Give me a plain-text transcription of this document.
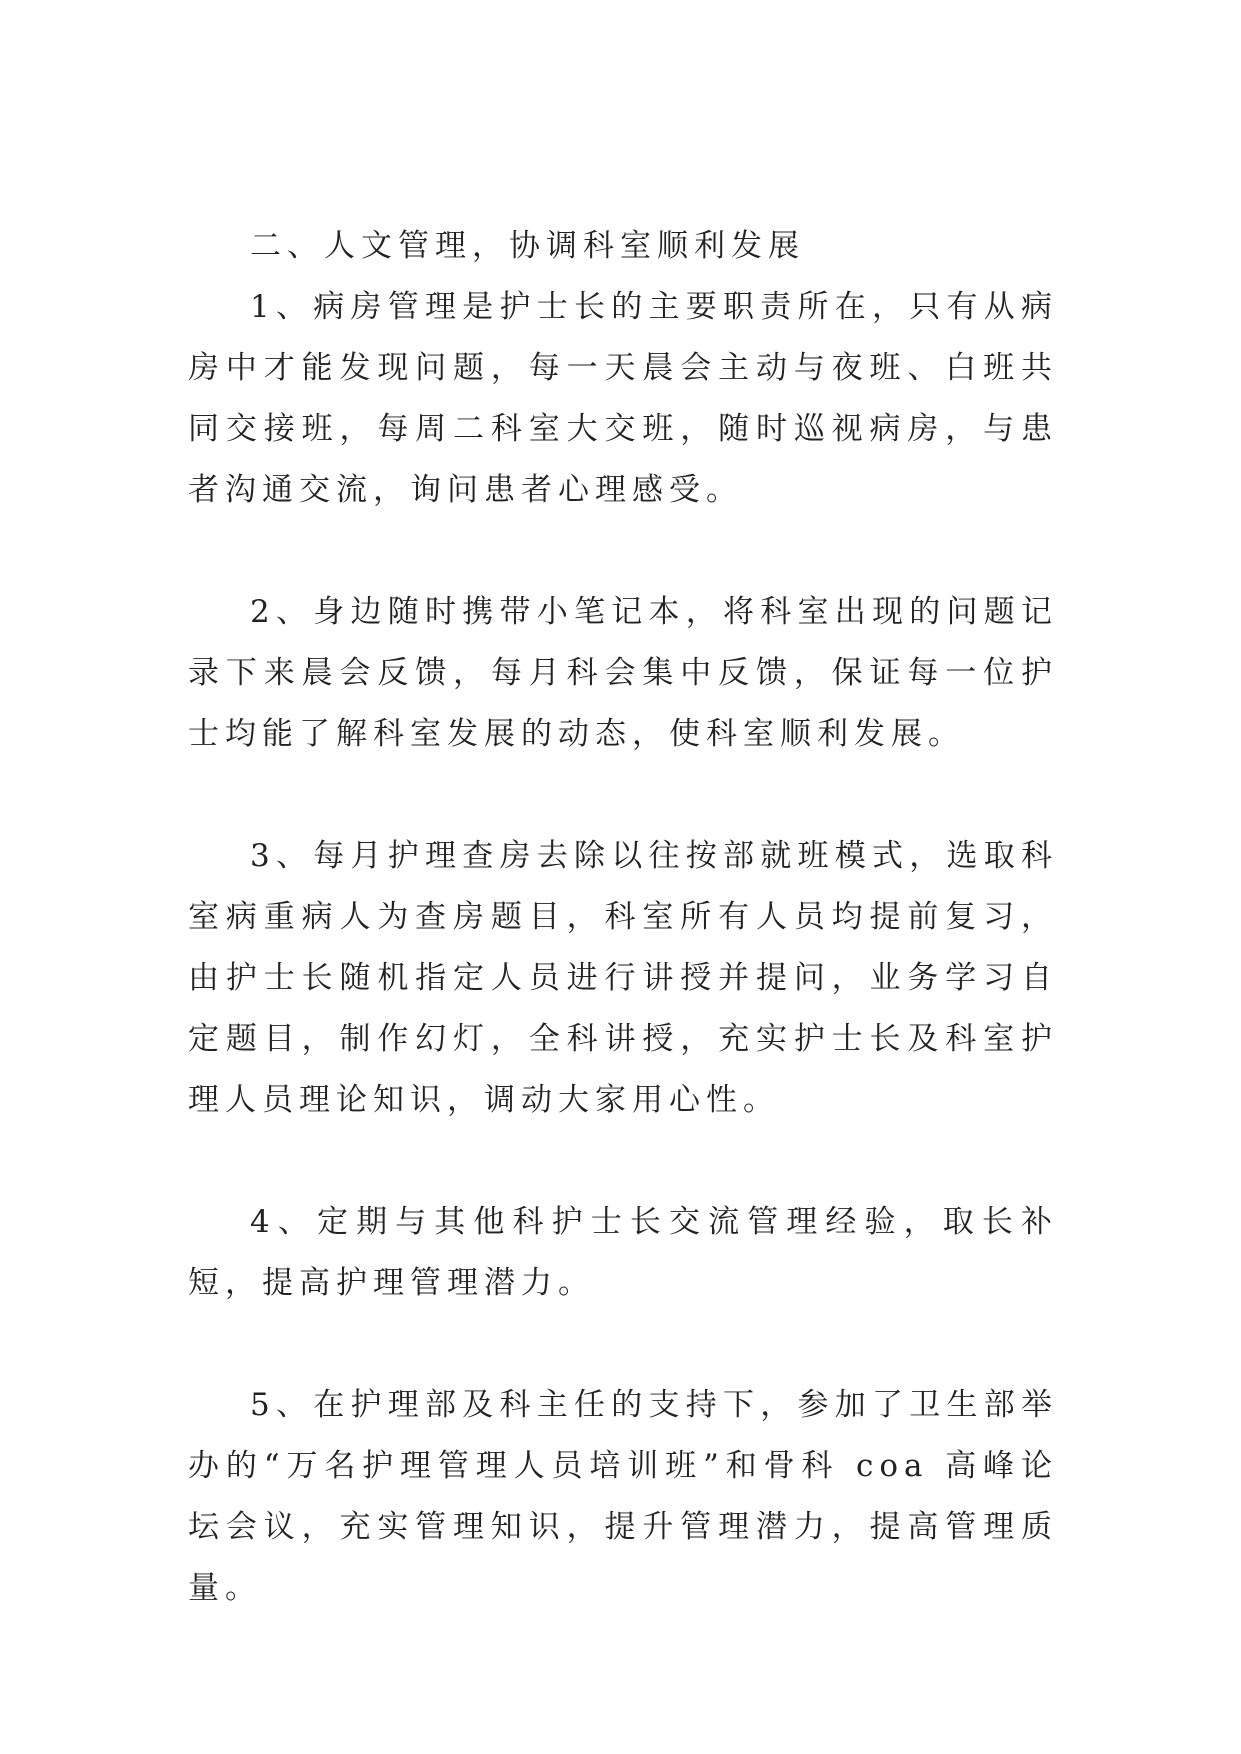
二、人文管理，协调科室顺利发展

1、病房管理是护士长的主要职责所在，只有从病房中才能发现问题，每一天晨会主动与夜班、白班共同交接班，每周二科室大交班，随时巡视病房，与患者沟通交流，询问患者心理感受。

2、身边随时携带小笔记本，将科室出现的问题记录下来晨会反馈，每月科会集中反馈，保证每一位护士均能了解科室发展的动态，使科室顺利发展。

3、每月护理查房去除以往按部就班模式，选取科室病重病人为查房题目，科室所有人员均提前复习，由护士长随机指定人员进行讲授并提问，业务学习自定题目，制作幻灯，全科讲授，充实护士长及科室护理人员理论知识，调动大家用心性。

4、定期与其他科护士长交流管理经验，取长补短，提高护理管理潜力。

5、在护理部及科主任的支持下，参加了卫生部举办的“万名护理管理人员培训班”和骨科 coa 高峰论坛会议，充实管理知识，提升管理潜力，提高管理质量。
